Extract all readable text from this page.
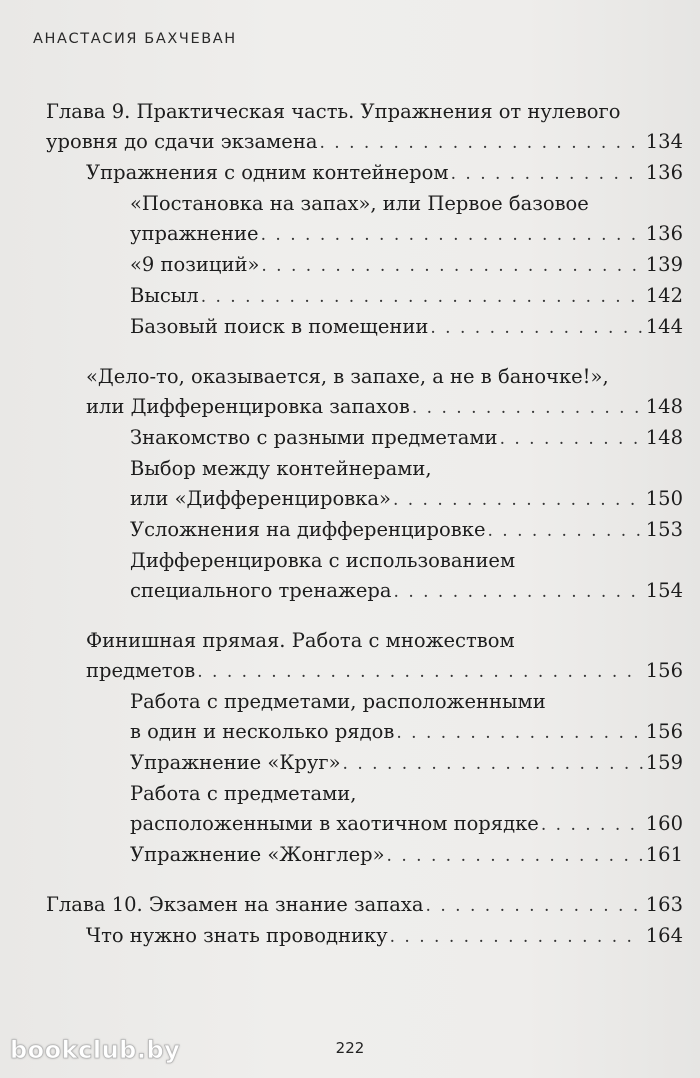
АНАСТАСИЯ БАХЧЕВАН
Глава 9. Практическая часть. Упражнения от нулевого
уровня до сдачи экзамена . . .	134
Упражнения с одним контейнером . . .	136
«Постановка на запах», или Первое базовое
упражнение . . .	136
«9 позиций» . . .	139
Высыл . . .	142
Базовый поиск в помещении . . .	144
«Дело-то, оказывается, в запахе, а не в баночке!»,
или Дифференцировка запахов . . .	148
Знакомство с разными предметами . . .	148
Выбор между контейнерами,
или «Дифференцировка» . . .	150
Усложнения на дифференцировке . . .	153
Дифференцировка с использованием
специального тренажера . . .	154
Финишная прямая. Работа с множеством
предметов . . .	156
Работа с предметами, расположенными
в один и несколько рядов . . .	156
Упражнение «Круг» . . .	159
Работа с предметами,
расположенными в хаотичном порядке . . .	160
Упражнение «Жонглер» . . .	161
Глава 10. Экзамен на знание запаха . . .	163
Что нужно знать проводнику . . .	164
bookclub.by	222
